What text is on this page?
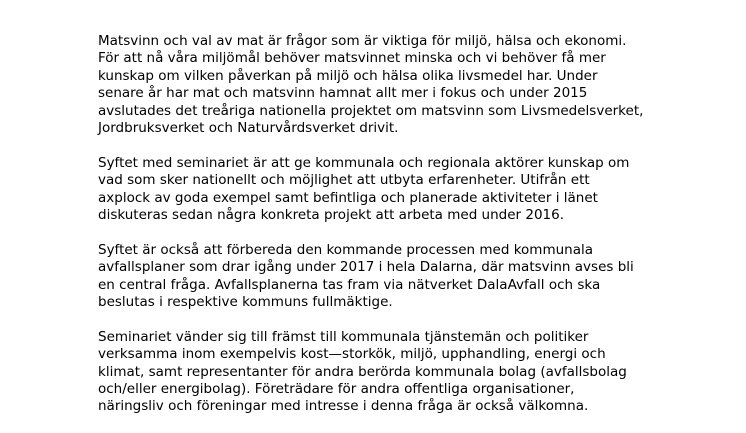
Matsvinn och val av mat är frågor som är viktiga för miljö, hälsa och ekonomi.
För att nå våra miljömål behöver matsvinnet minska och vi behöver få mer
kunskap om vilken påverkan på miljö och hälsa olika livsmedel har. Under
senare år har mat och matsvinn hamnat allt mer i fokus och under 2015
avslutades det treåriga nationella projektet om matsvinn som Livsmedelsverket,
Jordbruksverket och Naturvårdsverket drivit.

Syftet med seminariet är att ge kommunala och regionala aktörer kunskap om
vad som sker nationellt och möjlighet att utbyta erfarenheter. Utifrån ett
axplock av goda exempel samt befintliga och planerade aktiviteter i länet
diskuteras sedan några konkreta projekt att arbeta med under 2016.

Syftet är också att förbereda den kommande processen med kommunala
avfallsplaner som drar igång under 2017 i hela Dalarna, där matsvinn avses bli
en central fråga. Avfallsplanerna tas fram via nätverket DalaAvfall och ska
beslutas i respektive kommuns fullmäktige.

Seminariet vänder sig till främst till kommunala tjänstemän och politiker
verksamma inom exempelvis kost—storkök, miljö, upphandling, energi och
klimat, samt representanter för andra berörda kommunala bolag (avfallsbolag
och/eller energibolag). Företrädare för andra offentliga organisationer,
näringsliv och föreningar med intresse i denna fråga är också välkomna.
